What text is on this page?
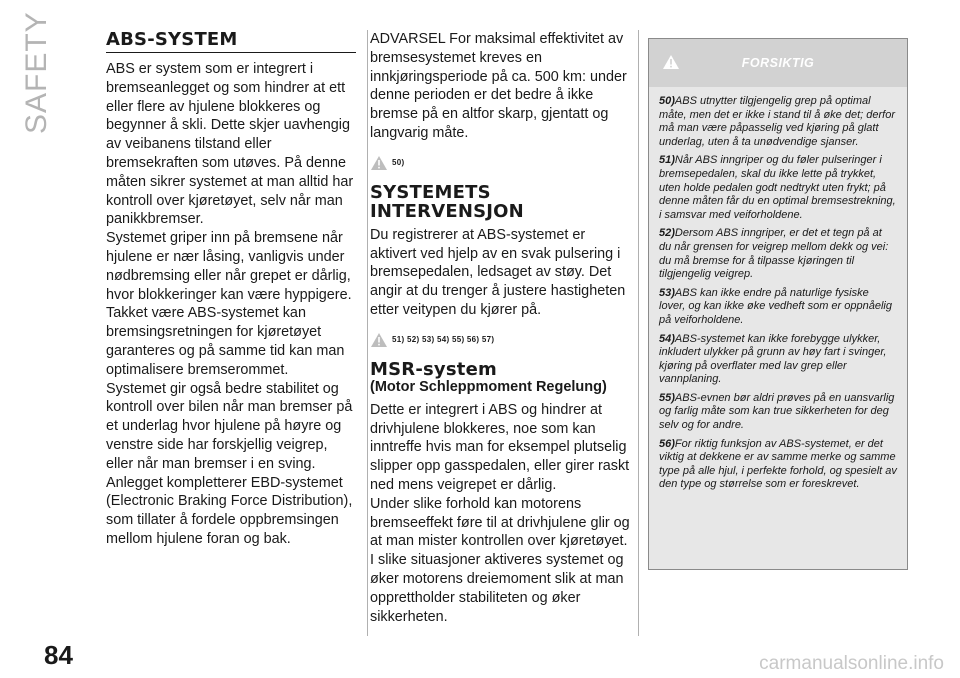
SAFETY	ABS-SYSTEM

ABS er system som er integrert i bremseanlegget og som hindrer at ett eller flere av hjulene blokkeres og begynner å skli. Dette skjer uavhengig av veibanens tilstand eller bremsekraften som utøves. På denne måten sikrer systemet at man alltid har kontroll over kjøretøyet, selv når man panikkbremser.

Systemet griper inn på bremsene når hjulene er nær låsing, vanligvis under nødbremsing eller når grepet er dårlig, hvor blokkeringer kan være hyppigere.

Takket være ABS-systemet kan bremsingsretningen for kjøretøyet garanteres og på samme tid kan man optimalisere bremserommet.

Systemet gir også bedre stabilitet og kontroll over bilen når man bremser på et underlag hvor hjulene på høyre og venstre side har forskjellig veigrep, eller når man bremser i en sving.

Anlegget kompletterer EBD-systemet (Electronic Braking Force Distribution), som tillater å fordele oppbremsingen mellom hjulene foran og bak.

ADVARSEL For maksimal effektivitet av bremsesystemet kreves en innkjøringsperiode på ca. 500 km: under denne perioden er det bedre å ikke bremse på en altfor skarp, gjentatt og langvarig måte.
50)
SYSTEMETS
INTERVENSJON
Du registrerer at ABS-systemet er aktivert ved hjelp av en svak pulsering i bremsepedalen, ledsaget av støy. Det angir at du trenger å justere hastigheten etter veitypen du kjører på.
51) 52) 53) 54) 55) 56) 57)
MSR-system
(Motor Schleppmoment Regelung)

Dette er integrert i ABS og hindrer at drivhjulene blokkeres, noe som kan inntreffe hvis man for eksempel plutselig slipper opp gasspedalen, eller girer raskt ned mens veigrepet er dårlig.

Under slike forhold kan motorens bremseeffekt føre til at drivhjulene glir og at man mister kontrollen over kjøretøyet. I slike situasjoner aktiveres systemet og øker motorens dreiemoment slik at man opprettholder stabiliteten og øker sikkerheten.

FORSIKTIG
50)ABS utnytter tilgjengelig grep på optimal måte, men det er ikke i stand til å øke det; derfor må man være påpasselig ved kjøring på glatt underlag, uten å ta unødvendige sjanser.
51)Når ABS inngriper og du føler pulseringer i bremsepedalen, skal du ikke lette på trykket, uten holde pedalen godt nedtrykt uten frykt; på denne måten får du en optimal bremsestrekning, i samsvar med veiforholdene.
52)Dersom ABS inngriper, er det et tegn på at du når grensen for veigrep mellom dekk og vei: du må bremse for å tilpasse kjøringen til tilgjengelig veigrep.
53)ABS kan ikke endre på naturlige fysiske lover, og kan ikke øke vedheft som er oppnåelig på veiforholdene.
54)ABS-systemet kan ikke forebygge ulykker, inkludert ulykker på grunn av høy fart i svinger, kjøring på overflater med lav grep eller vannplaning.
55)ABS-evnen bør aldri prøves på en uansvarlig og farlig måte som kan true sikkerheten for deg selv og for andre.
56)For riktig funksjon av ABS-systemet, er det viktig at dekkene er av samme merke og samme type på alle hjul, i perfekte forhold, og spesielt av den type og størrelse som er foreskrevet.
84	carmanualsonline.info
